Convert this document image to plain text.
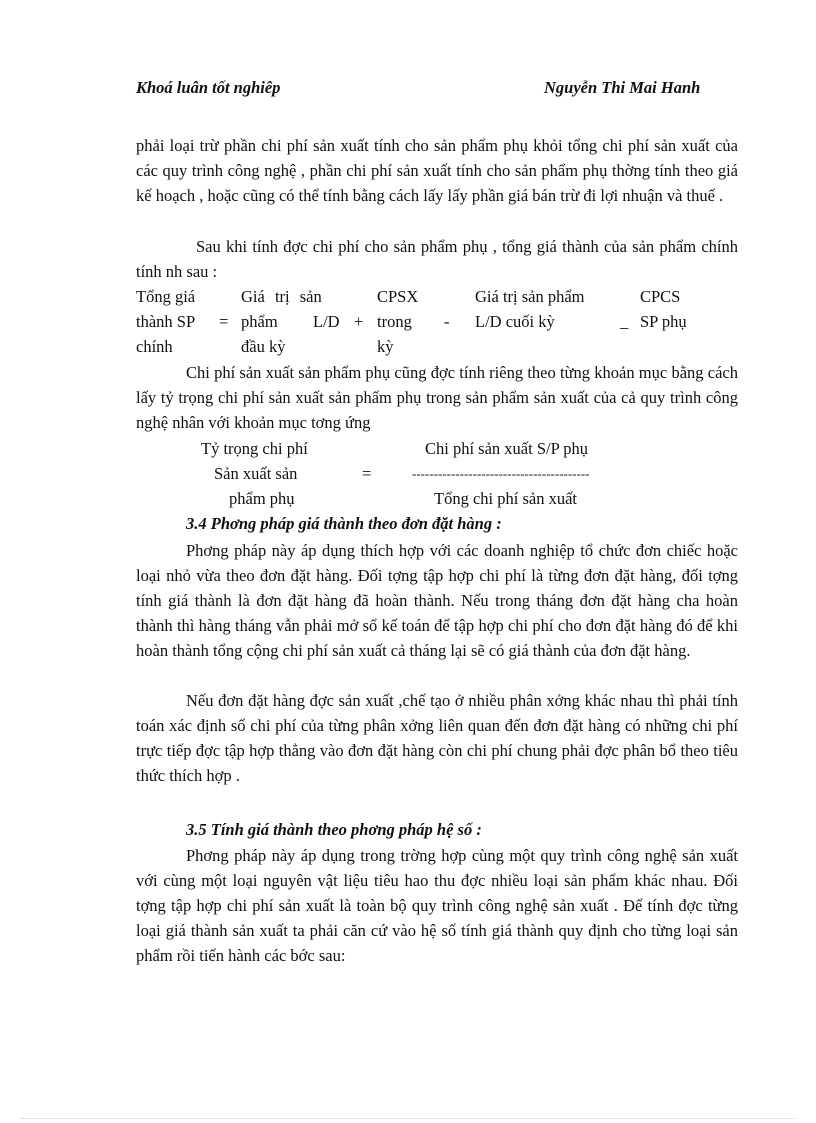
Khoá luân tốt nghiêp	Nguyễn Thi Mai Hanh
phải loại trừ phần chi phí sản xuất tính cho sản phẩm phụ khỏi tổng chi phí sản xuất của các quy trình công nghệ , phần chi phí sản xuất tính cho sản phẩm phụ thờng tính theo giá kế hoạch , hoặc cũng có thể tính bằng cách lấy lấy phần giá bán trừ đi lợi nhuận và thuế .
Sau khi tính đợc chi phí cho sản phẩm phụ , tổng giá thành của sản phẩm chính tính nh sau :
Tổng giá
thành SP
chính
=
Giá trị sản
phẩm
đầu kỳ
L/D +
CPSX
trong
kỳ
-
Giá trị sản phẩm
L/D cuối kỳ	_
CPCS
SP phụ
Chi phí sản xuất sản phẩm phụ cũng đợc tính riêng theo từng khoản mục bằng cách lấy tỷ trọng chi phí sản xuất sản phẩm phụ trong sản phẩm sản xuất của cả quy trình công nghệ nhân với khoản mục tơng ứng
Tỷ trọng chi phí
Sản xuất sản
phẩm phụ
=
Chi phí sản xuất S/P phụ
-----------------------------------------
Tổng chi phí sản xuất
3.4 Phơng pháp giá thành theo đơn đặt hàng :
Phơng pháp này áp dụng thích hợp với các doanh nghiệp tổ chức đơn chiếc hoặc loại nhỏ vừa theo đơn đặt hàng. Đối tợng tập hợp chi phí là từng đơn đặt hàng, đối tợng tính giá thành là đơn đặt hàng đã hoàn thành. Nếu trong tháng đơn đặt hàng cha hoàn thành thì hàng tháng vẫn phải mở sổ kế toán để tập hợp chi phí cho đơn đặt hàng đó để khi hoàn thành tổng cộng chi phí sản xuất cả tháng lại sẽ có giá thành của đơn đặt hàng.
Nếu đơn đặt hàng đợc sản xuất ,chế tạo ở nhiều phân xởng khác nhau thì phải tính toán xác định số chi phí của từng phân xởng liên quan đến đơn đặt hàng có những chi phí trực tiếp đợc tập hợp thẳng vào đơn đặt hàng còn chi phí chung phải đợc phân bổ theo tiêu thức thích hợp .
3.5 Tính giá thành theo phơng pháp hệ số :
Phơng pháp này áp dụng trong trờng hợp cùng một quy trình công nghệ sản xuất với cùng một loại nguyên vật liệu tiêu hao thu đợc nhiều loại sản phẩm khác nhau. Đối tợng tập hợp chi phí sản xuất là toàn bộ quy trình công nghệ sản xuất . Để tính đợc từng loại giá thành sản xuất ta phải căn cứ vào hệ số tính giá thành quy định cho từng loại sản phẩm rồi tiến hành các bớc sau:
